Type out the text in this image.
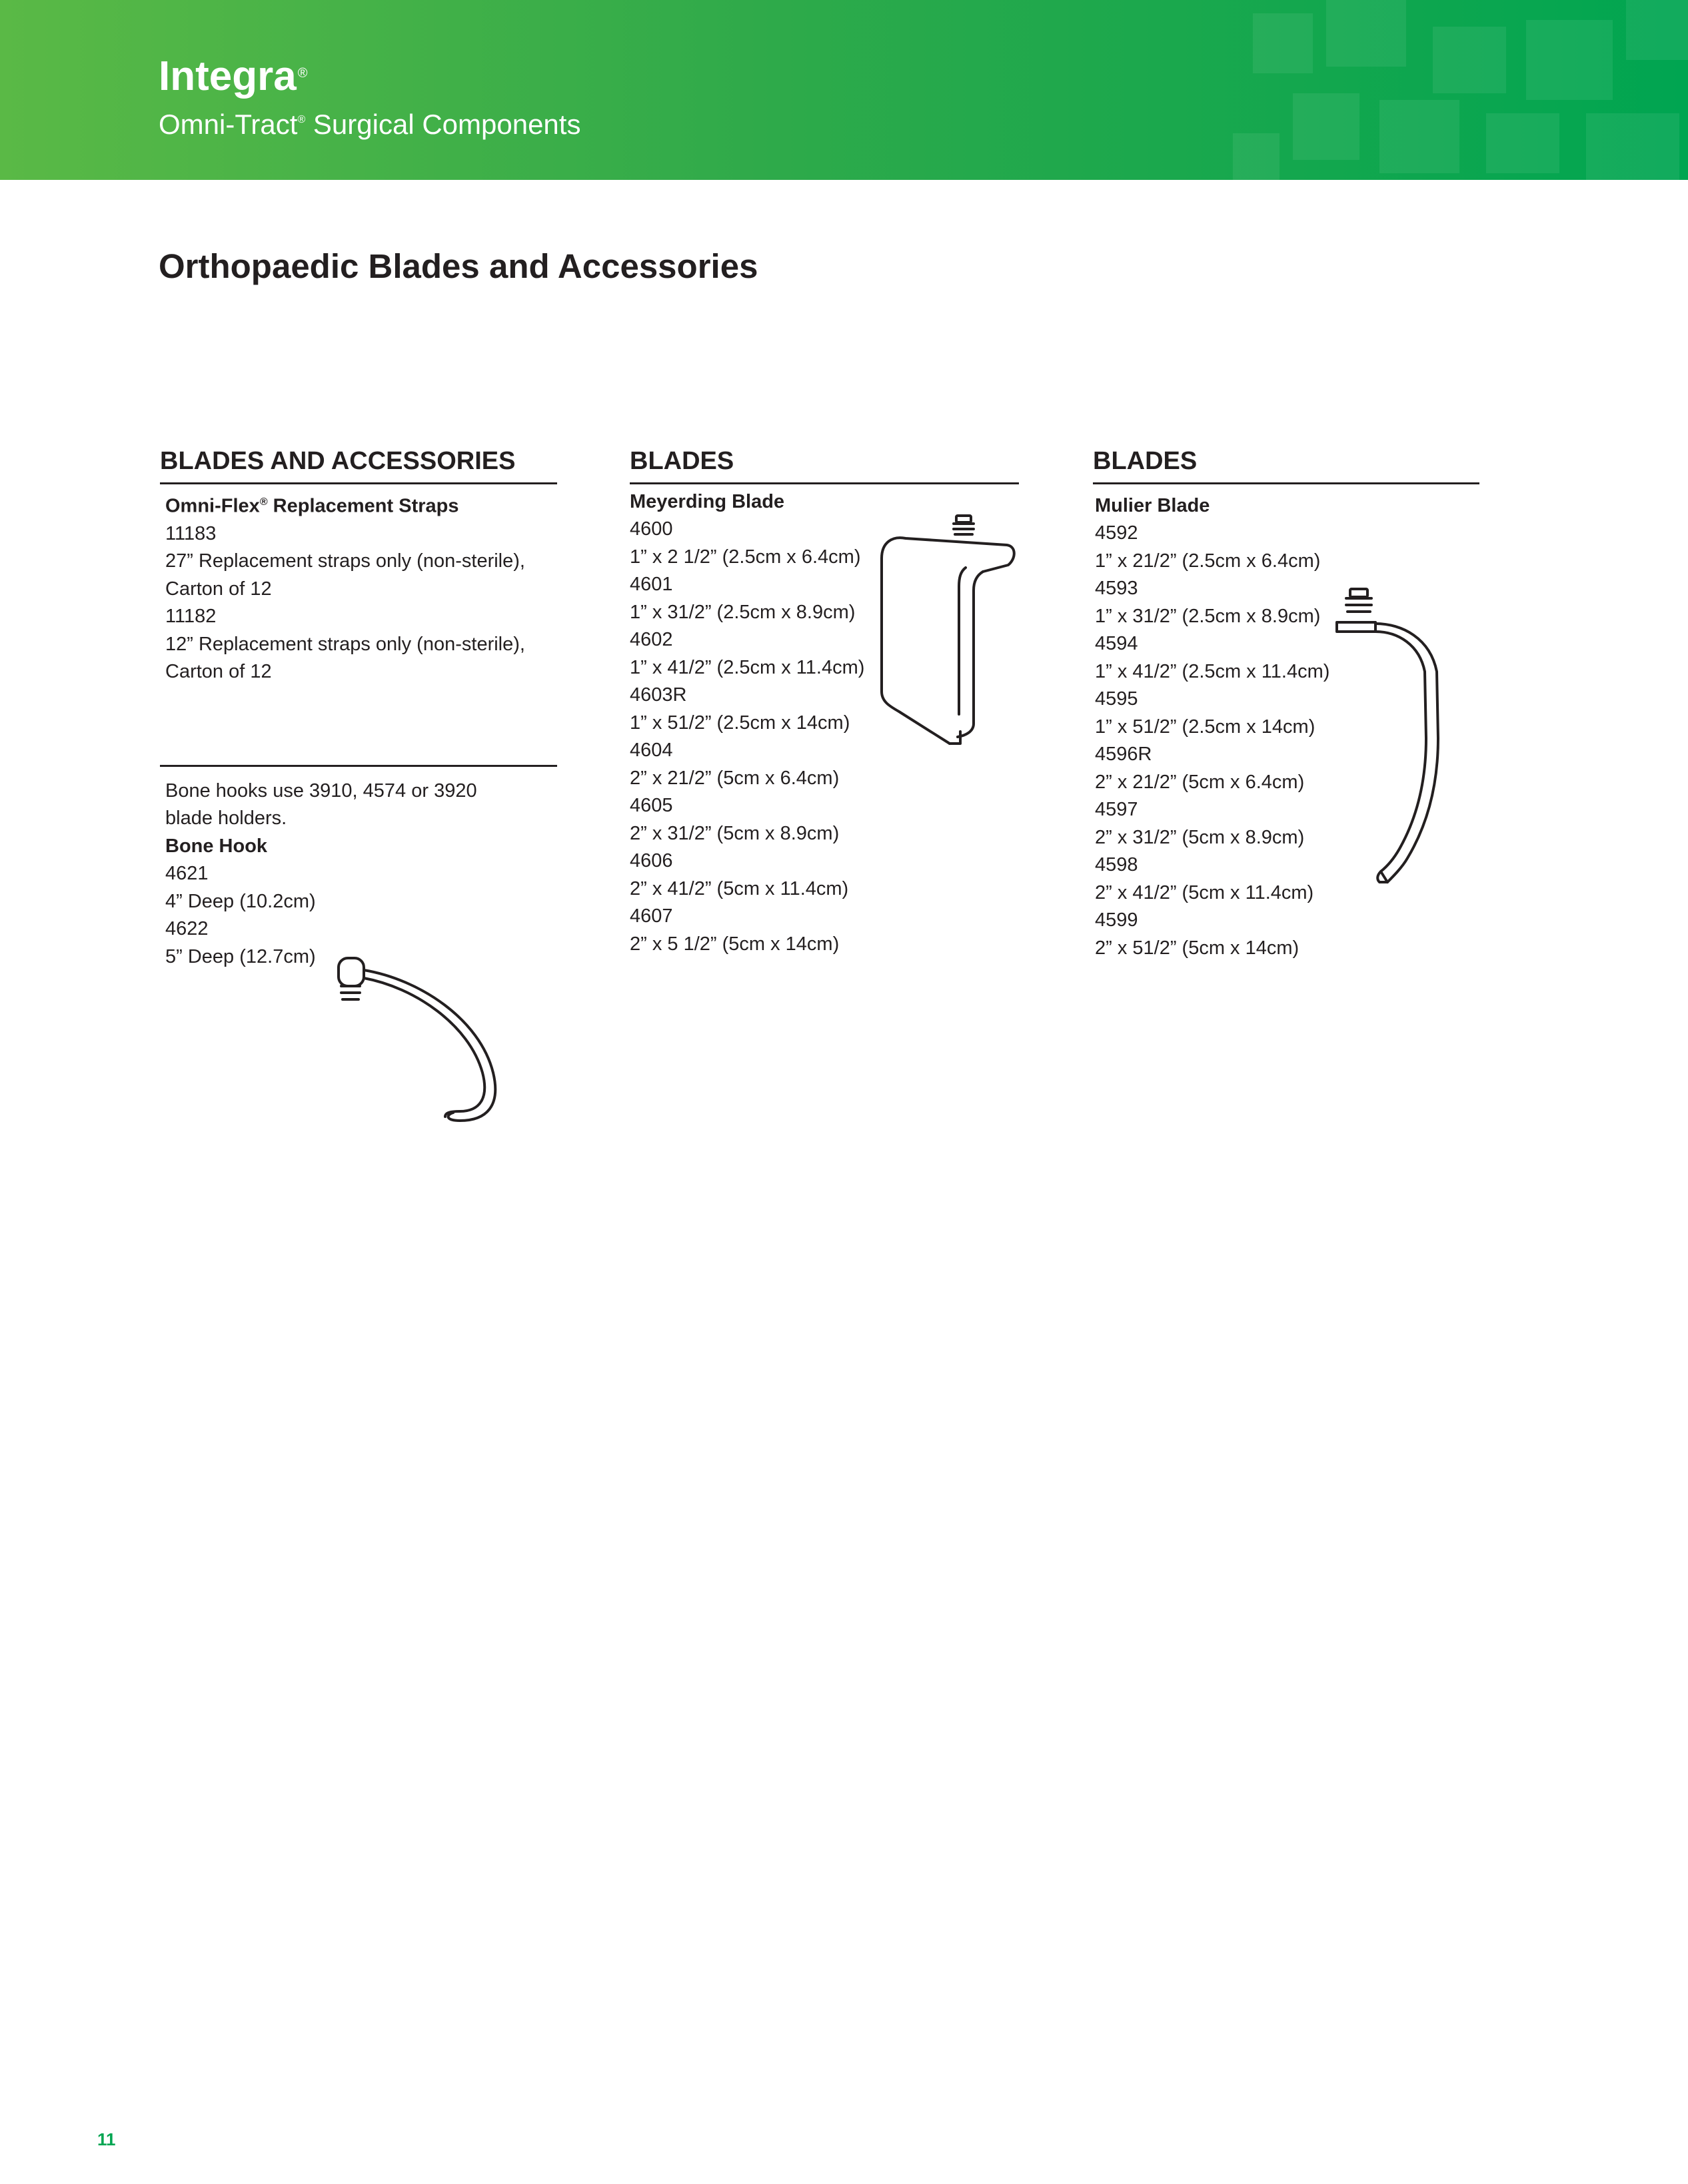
Integra ®

Omni-Tract® Surgical Components

Orthopaedic Blades and Accessories
BLADES AND ACCESSORIES
Omni-Flex® Replacement Straps
11183
27” Replacement straps only (non-sterile),
Carton of 12
11182
12” Replacement straps only (non-sterile),
Carton of 12
Bone hooks use 3910, 4574 or 3920
blade holders.
Bone Hook
4621
4” Deep (10.2cm)
4622
5” Deep (12.7cm)
BLADES
Meyerding Blade
4600
1” x 2 1/2” (2.5cm x 6.4cm)
4601
1” x 31/2” (2.5cm x 8.9cm)
4602
1” x 41/2” (2.5cm x 11.4cm)
4603R
1” x 51/2” (2.5cm x 14cm)
4604
2” x 21/2” (5cm x 6.4cm)
4605
2” x 31/2” (5cm x 8.9cm)
4606
2” x 41/2” (5cm x 11.4cm)
4607
2” x 5 1/2” (5cm x 14cm)
BLADES
Mulier Blade
4592
1” x 21/2” (2.5cm x 6.4cm)
4593
1” x 31/2” (2.5cm x 8.9cm)
4594
1” x 41/2” (2.5cm x 11.4cm)
4595
1” x 51/2” (2.5cm x 14cm)
4596R
2” x 21/2” (5cm x 6.4cm)
4597
2” x 31/2” (5cm x 8.9cm)
4598
2” x 41/2” (5cm x 11.4cm)
4599
2” x 51/2” (5cm x 14cm)
11
